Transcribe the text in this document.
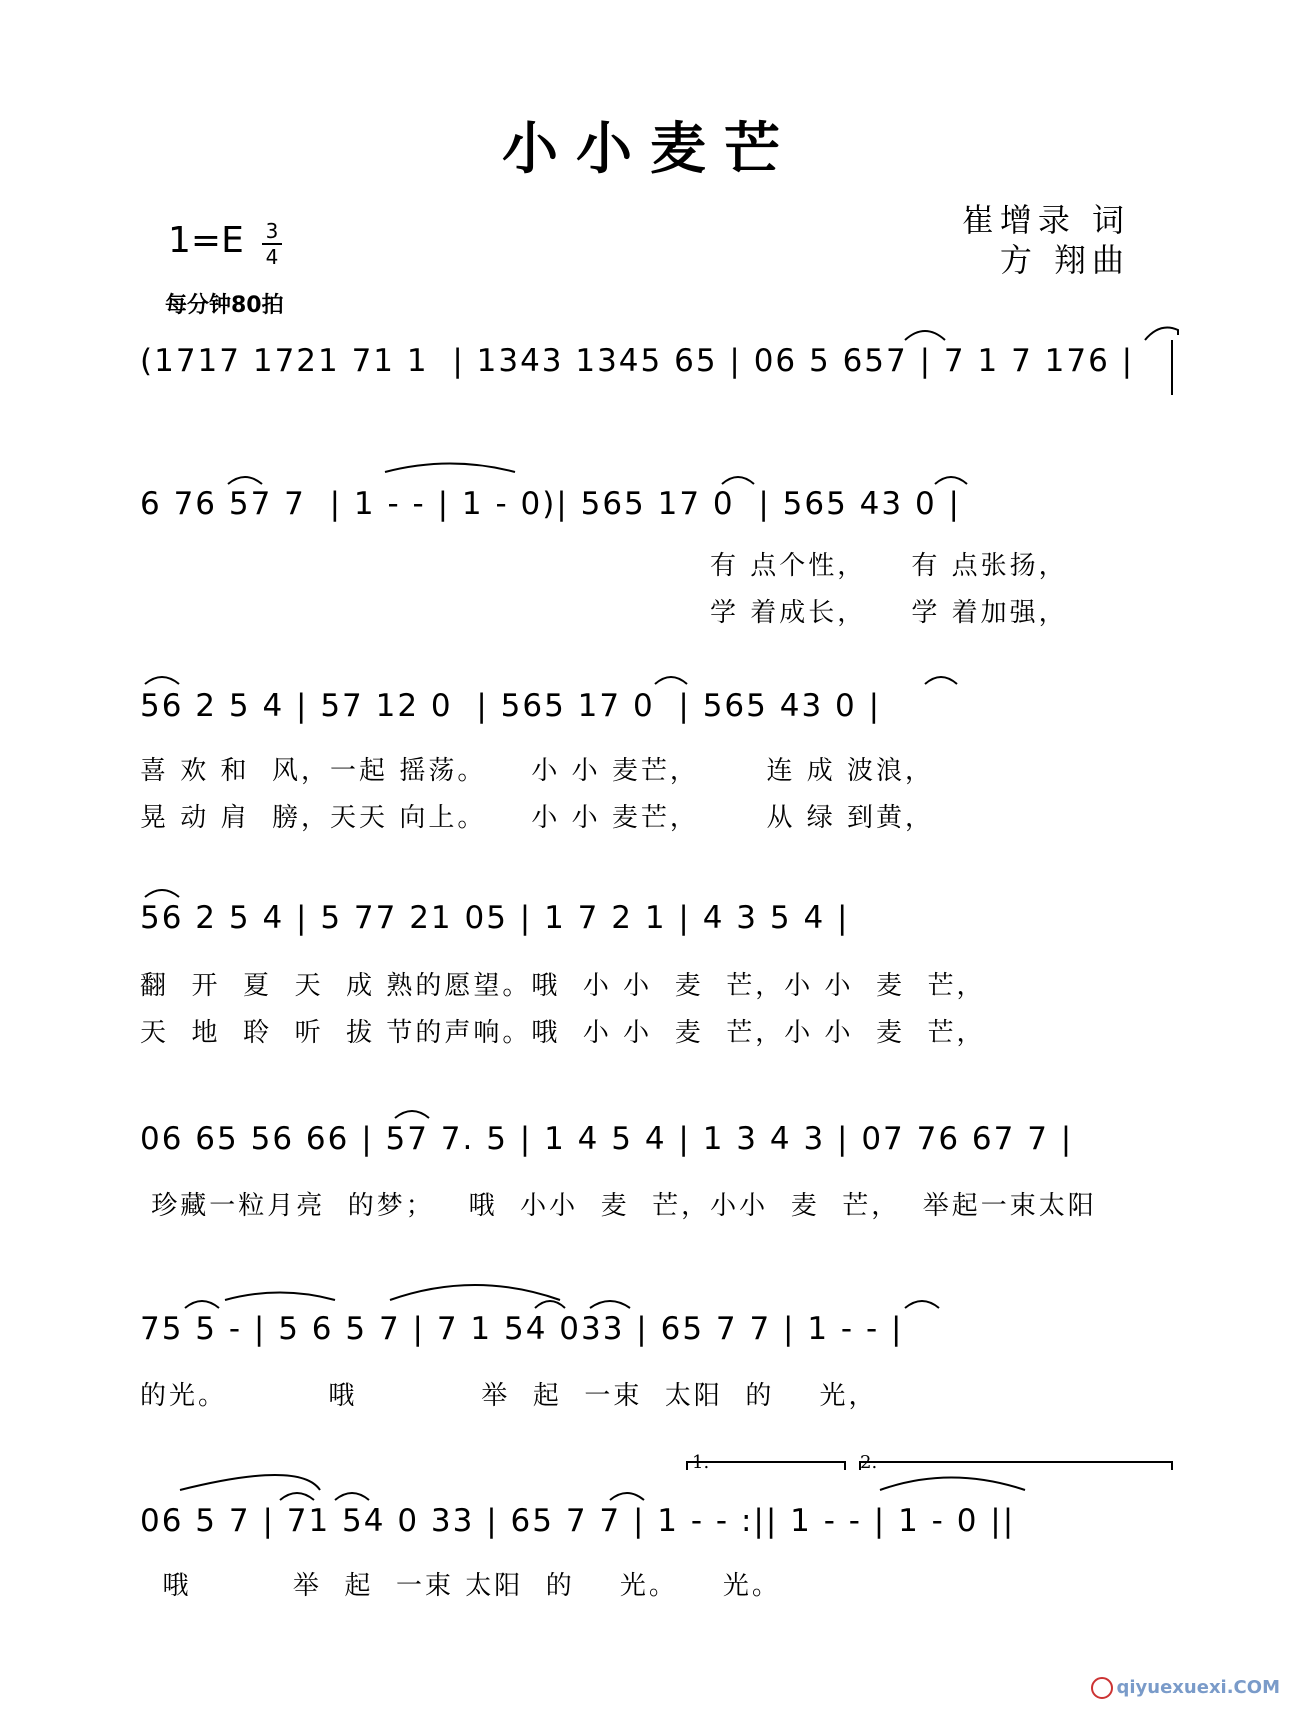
小小麦芒
1=E 3
4
每分钟80拍
崔增录 词
方 翔曲
(1717 1721 71 1  | 1343 1345 65 | 06 5 657 | 7 1 7 176 |
6 76 57 7  | 1 - - | 1 - 0)| 565 17 0  | 565 43 0 |
有 点个性，    有 点张扬，
学 着成长，    学 着加强，
56 2 5 4 | 57 12 0  | 565 17 0  | 565 43 0 |
喜 欢 和  风，一起 摇荡。    小 小 麦芒，      连 成 波浪，
晃 动 肩  膀，天天 向上。    小 小 麦芒，      从 绿 到黄，
56 2 5 4 | 5 77 21 05 | 1 7 2 1 | 4 3 5 4 |
翻  开  夏  天  成 熟的愿望。哦  小 小  麦  芒，小 小  麦  芒，
天  地  聆  听  拔 节的声响。哦  小 小  麦  芒，小 小  麦  芒，
06 65 56 66 | 57 7. 5 | 1 4 5 4 | 1 3 4 3 | 07 76 67 7 |
珍藏一粒月亮  的梦；   哦  小小  麦  芒，小小  麦  芒，  举起一束太阳
75 5 - | 5 6 5 7 | 7 1 54 033 | 65 7 7 | 1 - - |
的光。         哦           举  起  一束  太阳  的    光，
06 5 7 | 71 54 0 33 | 65 7 7 | 1 - - :|| 1 - - | 1 - 0 ||
1.	2.
哦         举  起  一束 太阳  的    光。    光。
qiyuexuexi.COM
